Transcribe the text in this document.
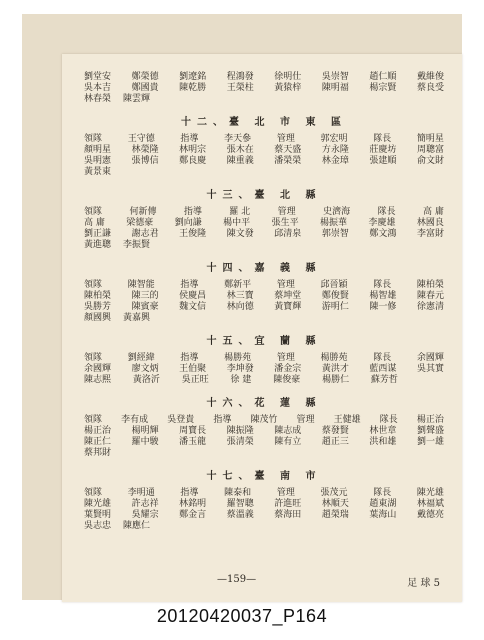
劉堂安 鄭榮德 劉遼銘 程鴻發 徐明仕 吳崇智 趙仁順 戴維俊
吳本吉 鄭國貴 陳乾勝 王榮柱 黃猿梓 陳明福 楊宗賢 蔡良受
林春榮 陳雲輝
十二、臺 北 市 東 區
領隊	王守德	指導	李天參	管理	郭宏明	隊長	簡明星
顏明星 林榮隆 林明宗 張木在 蔡天盛 方永隆 莊慶坊 周聰富
吳明憲 張博信 鄭良慶 陳重義 潘榮榮 林金璋 張建順 俞文財
黃景東
十三、臺 北 縣
領隊	何新傳	指導	羅 北	管理	史濟海	隊長	高 庸
高 庸 梁德豪 劉向謙 楊中平 張生平 楊振華 李慶雄 林國良
劉正謙 謝志君 王俊隆 陳文發 邱清泉 郭崇智 鄭文鴻 李富財
黃進聰 李振賢
十四、嘉 義 縣
領隊	陳智能	指導	鄭新平	管理	邱晉穎	隊長	陳柏榮
陳柏榮 陳三的 侯慶昌 林三寶 蔡坤堂 鄭俊賢 楊智雄 陳春元
吳勝芳 陳賓豪 魏文信 林向德 黃寶輝 游明仁 陳一修 徐憲清
顏國興 黃嘉興
十五、宜 蘭 縣
領隊	劉經緯	指導	楊勝苑	管理	楊勝苑	隊長	余國輝
余國輝 廖文炳 王伯聚 李坤發 潘金宗 黃洪才 藍西谋 吳其實
陳志熙 黃洛沂 吳正旺 徐 建 陳俊豪 楊勝仁 蘇芳哲
十六、花 蓮 縣
領隊 李有成 吳登貴 指導 陳茂竹 管理 王健雄 隊長 楊正治
楊正治 楊明輝 周寶長 陳振隆 陳志成 蔡發賢 林世章 劉聲盛
陳正仁 羅中駿 潘玉龍 張清榮 陳有立 趙正三 洪和雄 劉一雄
蔡邦財
十七、臺 南 市
領隊	李明通	指導	陳泰和	管理	張茂元	隊長	陳光雄
陳光雄 許志祥 林銘明 羅智聰 許進旺 林順天 趙東湖 林福斌
葉賢明 吳耀宗 鄭金言 蔡溫義 蔡海田 趙榮瑞 葉海山 戴德亮
吳志忠 陳應仁
—159—	足 球 5
20120420037_P164
